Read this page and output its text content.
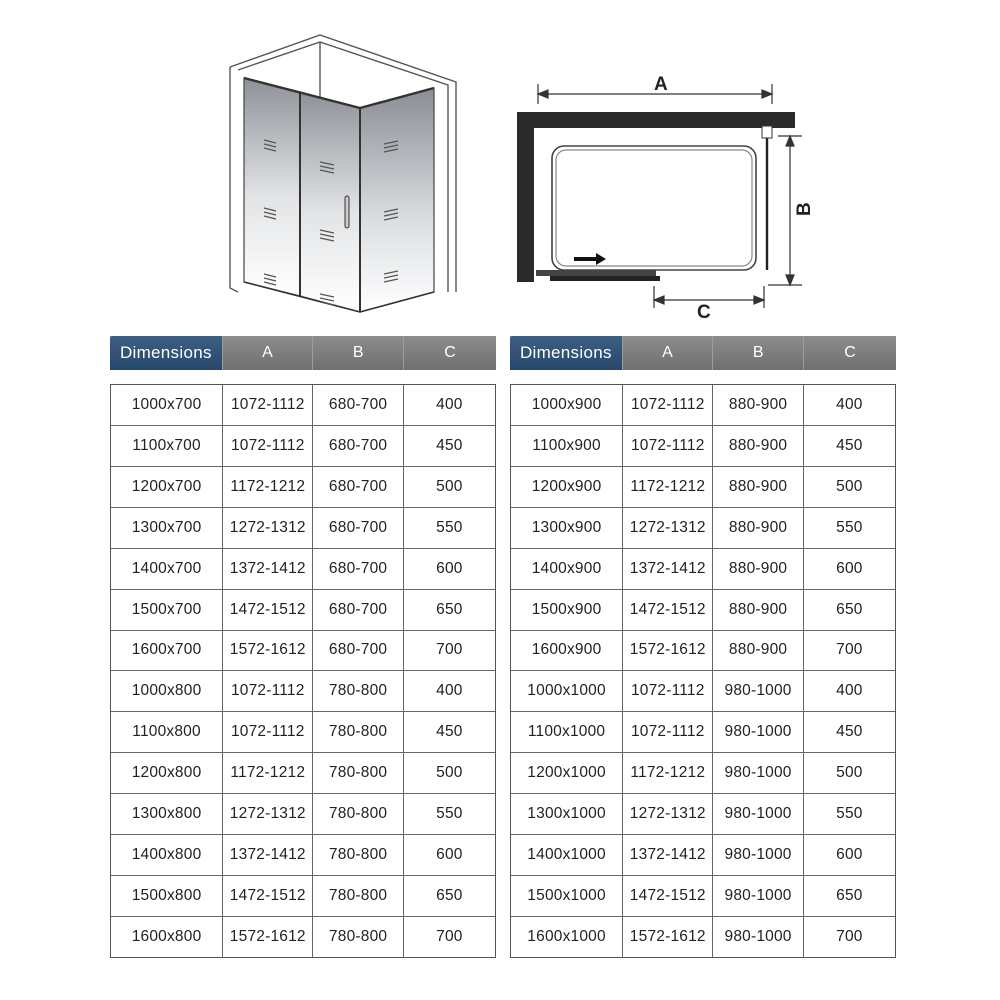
A
B
C
Dimensions	A	B	C
1000x700	1072-1112	680-700	400
1100x700	1072-1112	680-700	450
1200x700	1172-1212	680-700	500
1300x700	1272-1312	680-700	550
1400x700	1372-1412	680-700	600
1500x700	1472-1512	680-700	650
1600x700	1572-1612	680-700	700
1000x800	1072-1112	780-800	400
1100x800	1072-1112	780-800	450
1200x800	1172-1212	780-800	500
1300x800	1272-1312	780-800	550
1400x800	1372-1412	780-800	600
1500x800	1472-1512	780-800	650
1600x800	1572-1612	780-800	700
Dimensions	A	B	C
1000x900	1072-1112	880-900	400
1100x900	1072-1112	880-900	450
1200x900	1172-1212	880-900	500
1300x900	1272-1312	880-900	550
1400x900	1372-1412	880-900	600
1500x900	1472-1512	880-900	650
1600x900	1572-1612	880-900	700
1000x1000	1072-1112	980-1000	400
1100x1000	1072-1112	980-1000	450
1200x1000	1172-1212	980-1000	500
1300x1000	1272-1312	980-1000	550
1400x1000	1372-1412	980-1000	600
1500x1000	1472-1512	980-1000	650
1600x1000	1572-1612	980-1000	700
